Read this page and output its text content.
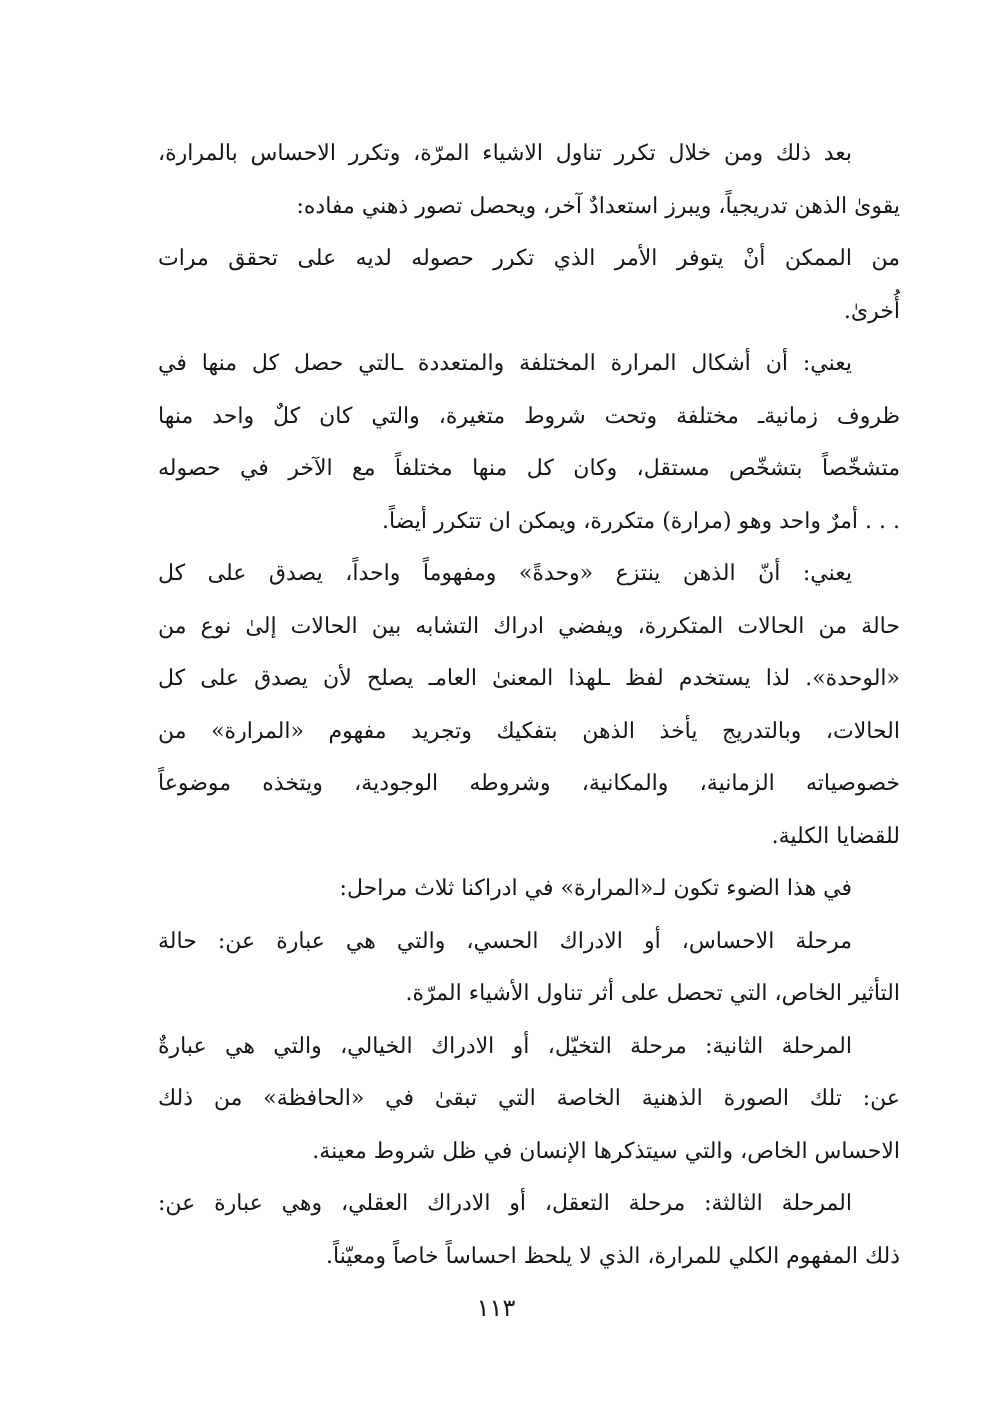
بعد ذلك ومن خلال تكرر تناول الاشياء المرّة، وتكرر الاحساس بالمرارة،
يقوىٰ الذهن تدريجياً، ويبرز استعدادٌ آخر، ويحصل تصور ذهني مفاده:
من الممكن أنْ يتوفر الأمر الذي تكرر حصوله لديه على تحقق مرات
أُخرىٰ.
يعني: أن أشكال المرارة المختلفة والمتعددة ـالتي حصل كل منها في
ظروف زمانيةـ مختلفة وتحت شروط متغيرة، والتي كان كلٌ واحد منها
متشخّصاً بتشخّص مستقل، وكان كل منها مختلفاً مع الآخر في حصوله
. . . أمرٌ واحد وهو (مرارة) متكررة، ويمكن ان تتكرر أيضاً.
يعني: أنّ الذهن ينتزع «وحدةً» ومفهوماً واحداً، يصدق على كل
حالة من الحالات المتكررة، ويفضي ادراك التشابه بين الحالات إلىٰ نوع من
«الوحدة». لذا يستخدم لفظ ـلهذا المعنىٰ العامـ يصلح لأن يصدق على كل
الحالات، وبالتدريج يأخذ الذهن بتفكيك وتجريد مفهوم «المرارة» من
خصوصياته الزمانية، والمكانية، وشروطه الوجودية، ويتخذه موضوعاً
للقضايا الكلية.
في هذا الضوء تكون لـ«المرارة» في ادراكنا ثلاث مراحل:
مرحلة الاحساس، أو الادراك الحسي، والتي هي عبارة عن: حالة
التأثير الخاص، التي تحصل على أثر تناول الأشياء المرّة.
المرحلة الثانية: مرحلة التخيّل، أو الادراك الخيالي، والتي هي عبارةٌ
عن: تلك الصورة الذهنية الخاصة التي تبقىٰ في «الحافظة» من ذلك
الاحساس الخاص، والتي سيتذكرها الإنسان في ظل شروط معينة.
المرحلة الثالثة: مرحلة التعقل، أو الادراك العقلي، وهي عبارة عن:
ذلك المفهوم الكلي للمرارة، الذي لا يلحظ احساساً خاصاً ومعيّناً.
١١٣
